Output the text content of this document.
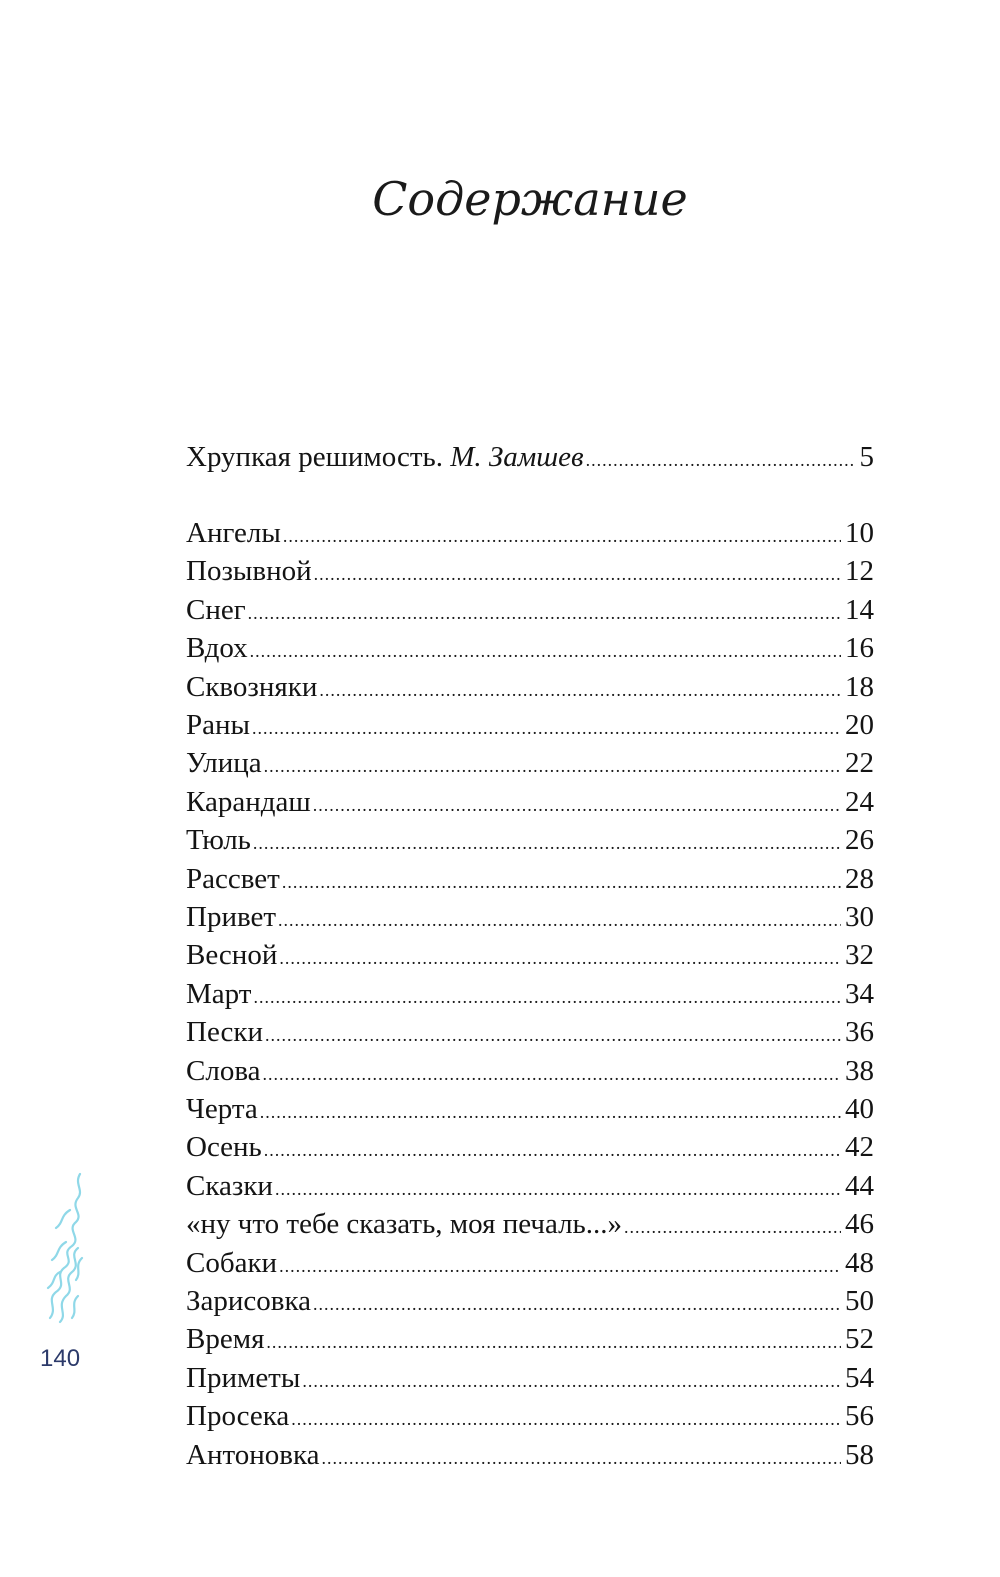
Содержание
Хрупкая решимость. М. Замшев .....	5
Ангелы .....	10
Позывной .....	12
Снег .....	14
Вдох .....	16
Сквозняки .....	18
Раны .....	20
Улица .....	22
Карандаш .....	24
Тюль .....	26
Рассвет .....	28
Привет .....	30
Весной .....	32
Март .....	34
Пески .....	36
Слова .....	38
Черта .....	40
Осень .....	42
Сказки .....	44
«ну что тебе сказать, моя печаль...» .....	46
Собаки .....	48
Зарисовка .....	50
Время .....	52
Приметы .....	54
Просека .....	56
Антоновка .....	58
140
